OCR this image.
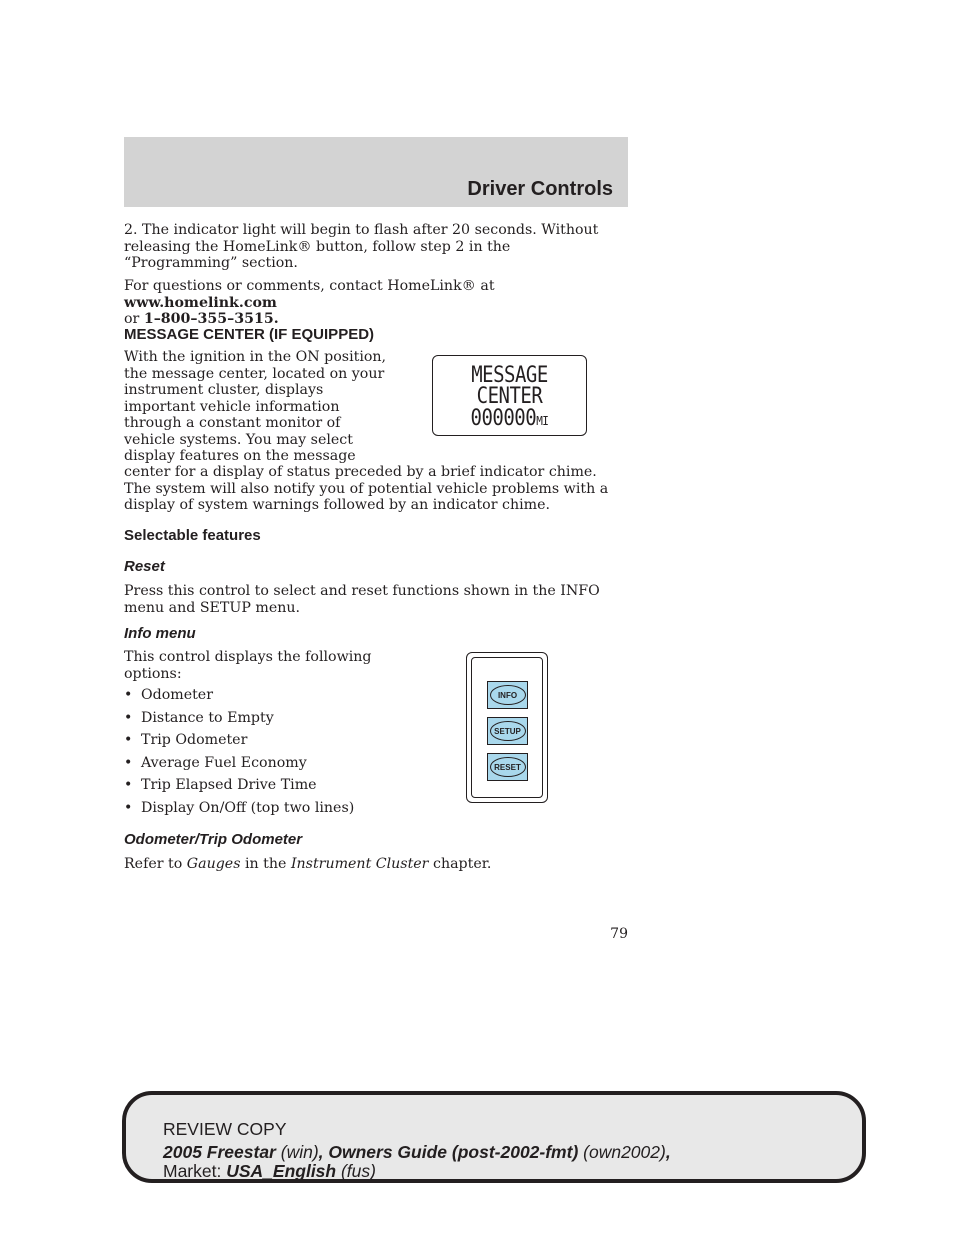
Driver Controls

2. The indicator light will begin to flash after 20 seconds. Without releasing the HomeLink® button, follow step 2 in the “Programming” section.

For questions or comments, contact HomeLink® at www.homelink.com
or 1–800–355–3515.

MESSAGE CENTER (IF EQUIPPED)
With the ignition in the ON position,
the message center, located on your
instrument cluster, displays
important vehicle information
through a constant monitor of
vehicle systems. You may select
display features on the message

center for a display of status preceded by a brief indicator chime. The system will also notify you of potential vehicle problems with a display of system warnings followed by an indicator chime.

MESSAGE
CENTER
000000MI
Selectable features
Reset

Press this control to select and reset functions shown in the INFO menu and SETUP menu.

Info menu
This control displays the following
options:
• Odometer
• Distance to Empty
• Trip Odometer
• Average Fuel Economy
• Trip Elapsed Drive Time
• Display On/Off (top two lines)
INFO
SETUP
RESET
Odometer/Trip Odometer

Refer to Gauges in the Instrument Cluster chapter.

79

REVIEW COPY

2005 Freestar (win), Owners Guide (post-2002-fmt) (own2002),

Market: USA_English (fus)
